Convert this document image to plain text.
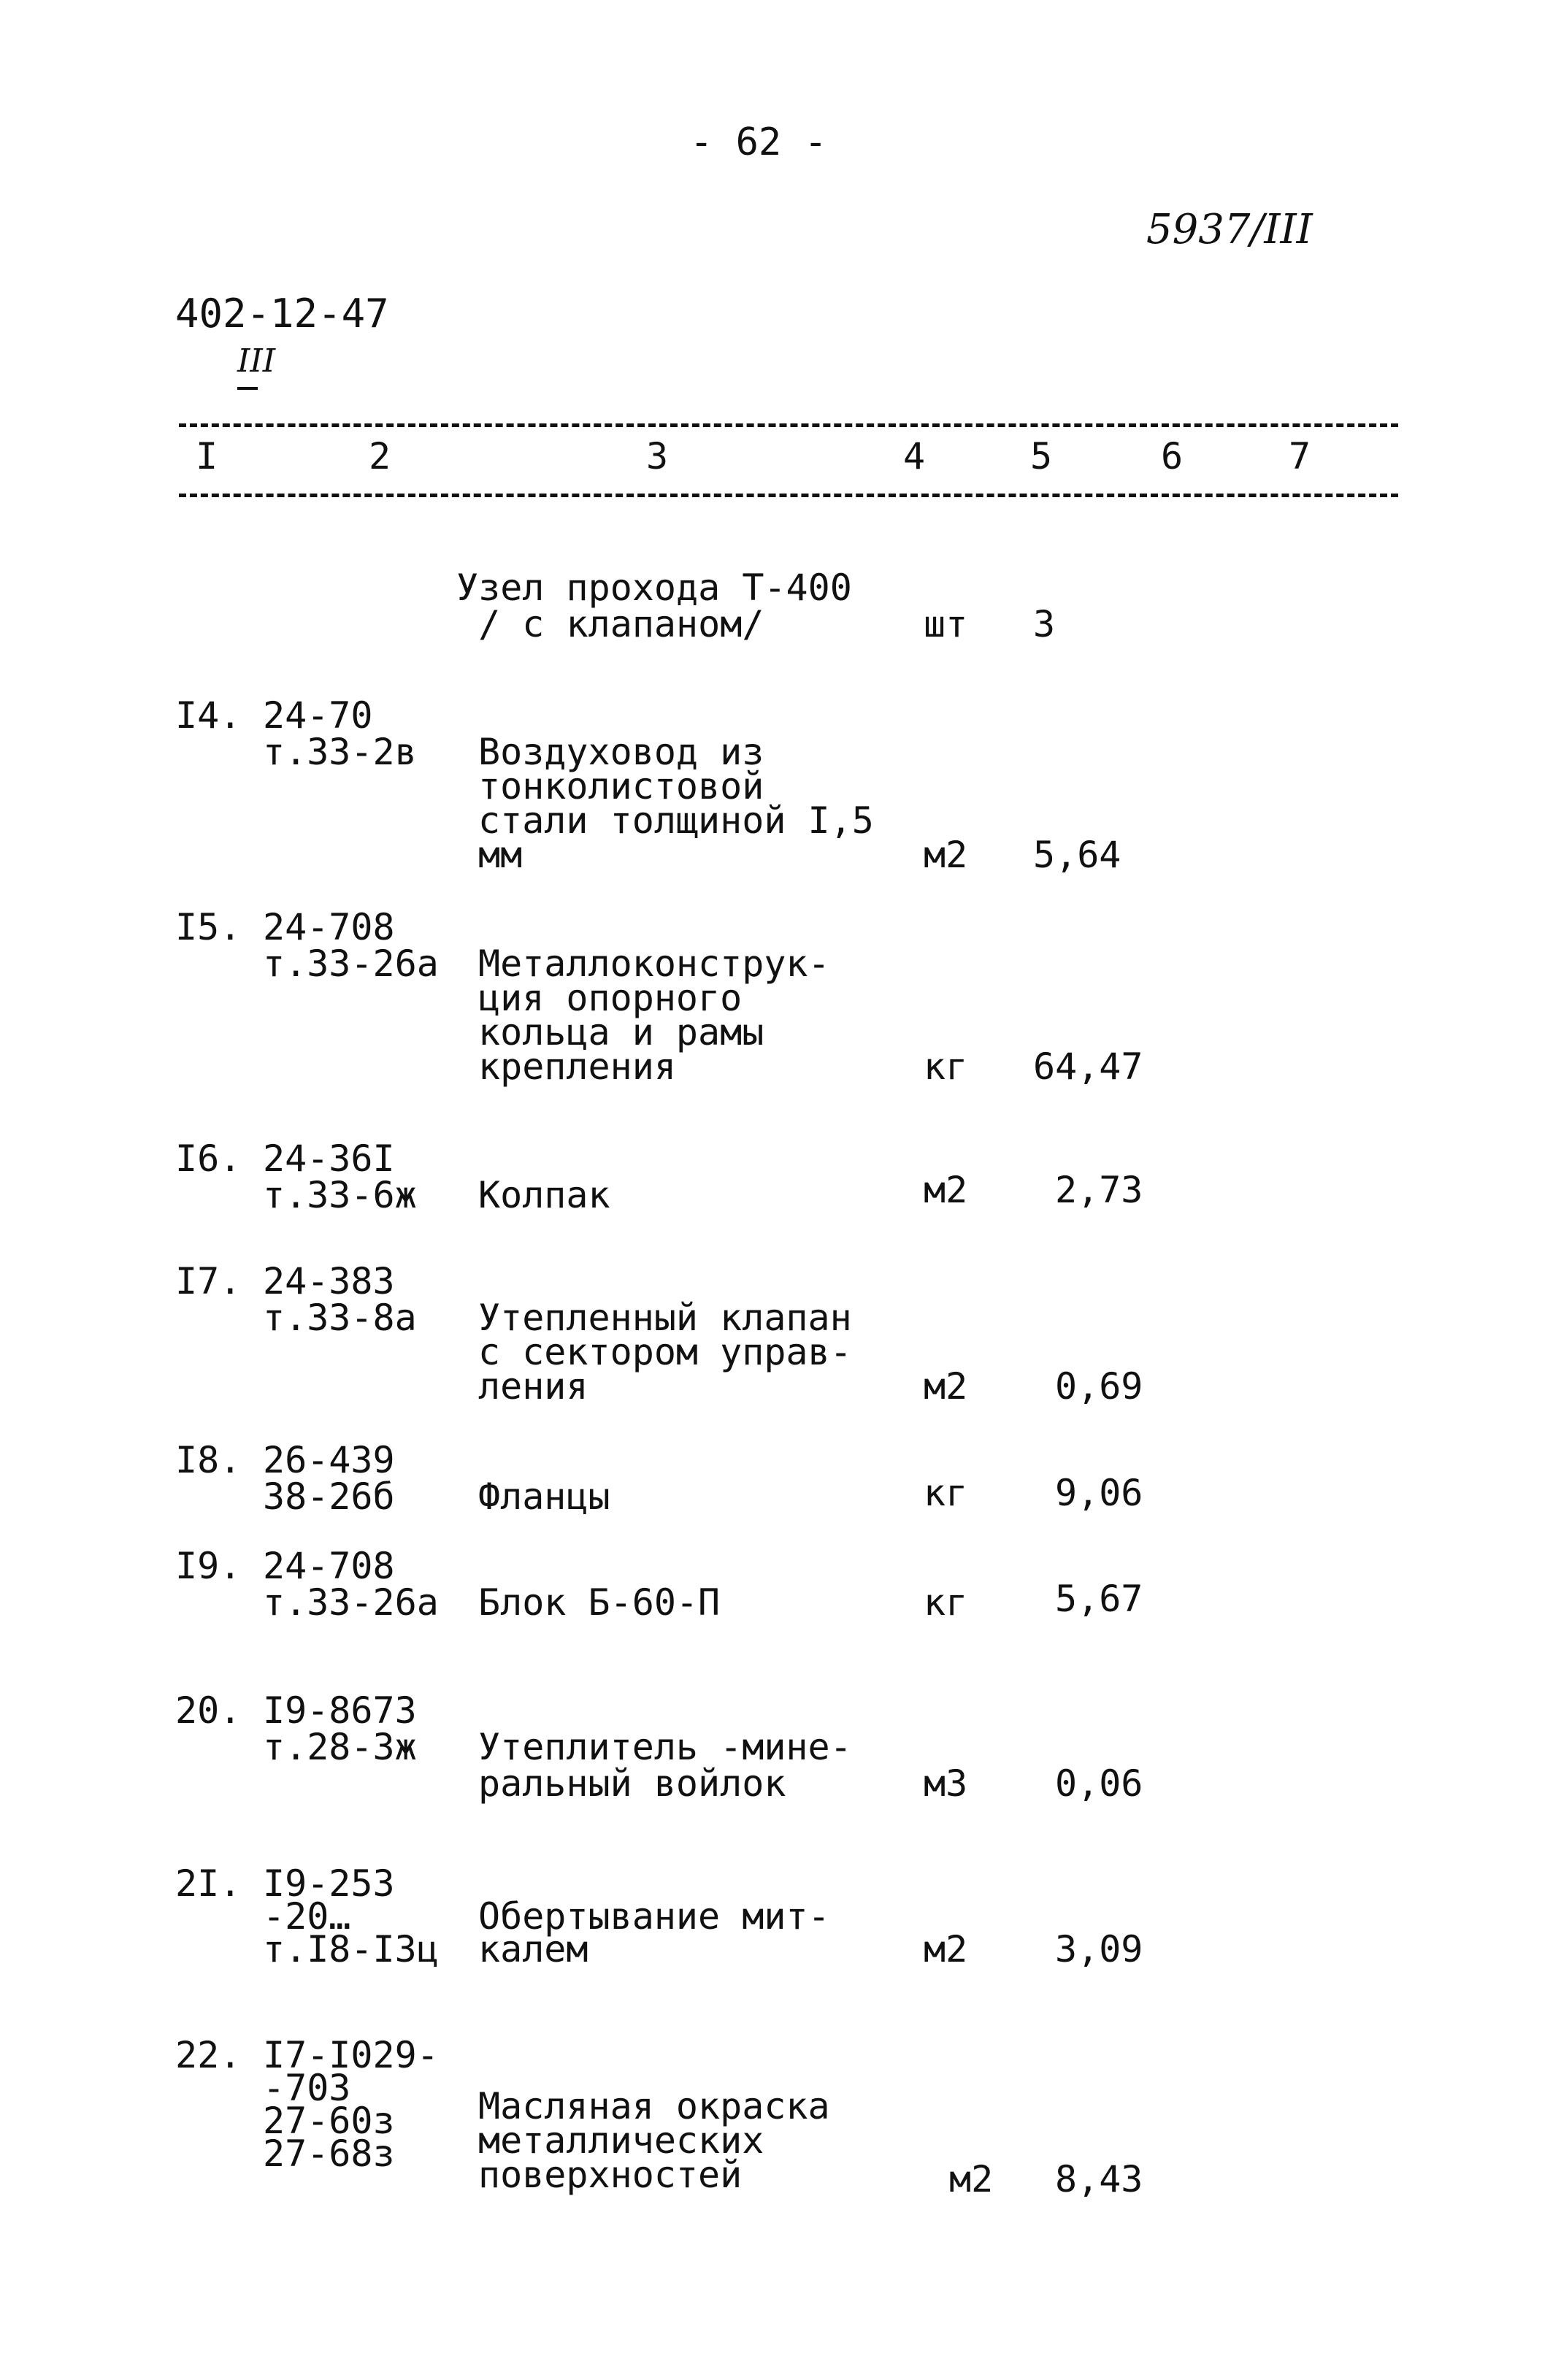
- 62 -
5937/III
402-12-47
III
I	2	3	4	5	6	7
Узел прохода Т-400
/ с клапаном/	шт 3
I4. 24-70
т.33-2в Воздуховод из
тонколистовой
стали толщиной I,5
мм	м2 5,64
I5. 24-708
т.33-26а Металлоконструк-
ция опорного
кольца и рамы
крепления	кг 64,47
I6. 24-36I
т.33-6ж Колпак	м2 2,73
I7. 24-383
т.33-8а Утепленный клапан
с сектором управ-
ления	м2 0,69
I8. 26-439
38-26б Фланцы	кг 9,06
I9. 24-708
т.33-26а Блок Б-60-П	кг 5,67
20. I9-8673
т.28-3ж Утеплитель -мине-
ральный войлок	м3 0,06
2I. I9-253
-20…
т.I8-I3ц
Обертывание мит-
калем	м2 3,09
22. I7-I029-
-703
27-60з
27-68з
Масляная окраска
металлических
поверхностей	м2 8,43
